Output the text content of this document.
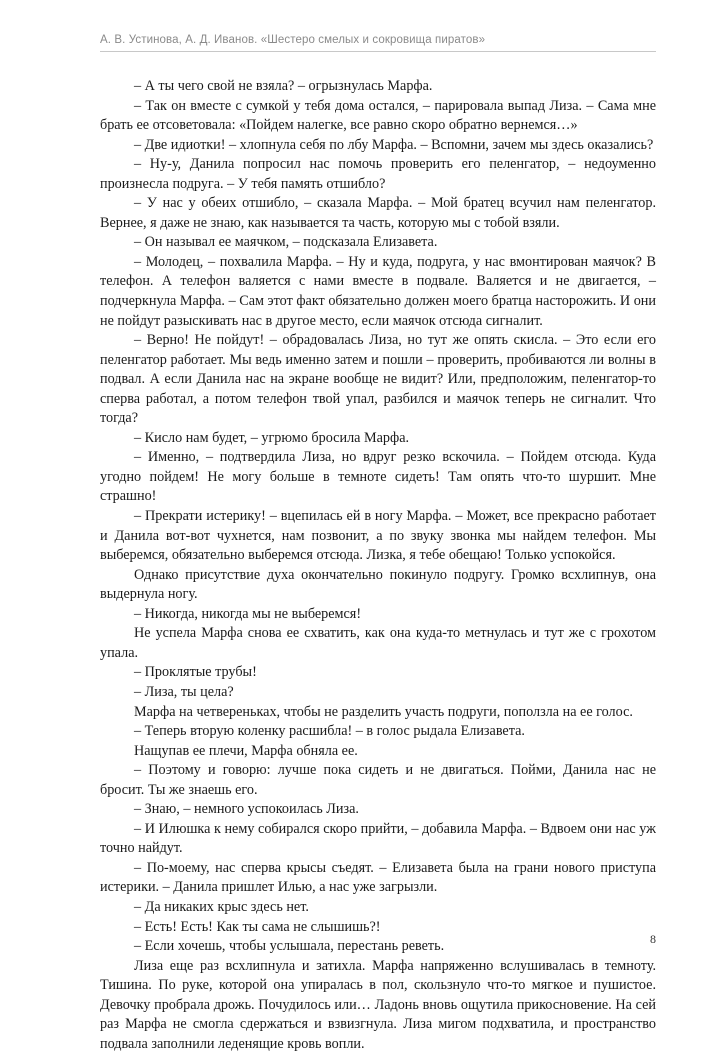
А. В. Устинова, А. Д. Иванов. «Шестеро смелых и сокровища пиратов»

– А ты чего свой не взяла? – огрызнулась Марфа.

– Так он вместе с сумкой у тебя дома остался, – парировала выпад Лиза. – Сама мне брать ее отсоветовала: «Пойдем налегке, все равно скоро обратно вернемся…»

– Две идиотки! – хлопнула себя по лбу Марфа. – Вспомни, зачем мы здесь оказались?

– Ну-у, Данила попросил нас помочь проверить его пеленгатор, – недоуменно произнесла подруга. – У тебя память отшибло?

– У нас у обеих отшибло, – сказала Марфа. – Мой братец всучил нам пеленгатор. Вернее, я даже не знаю, как называется та часть, которую мы с тобой взяли.

– Он называл ее маячком, – подсказала Елизавета.

– Молодец, – похвалила Марфа. – Ну и куда, подруга, у нас вмонтирован маячок? В телефон. А телефон валяется с нами вместе в подвале. Валяется и не двигается, – подчеркнула Марфа. – Сам этот факт обязательно должен моего братца насторожить. И они не пойдут разыскивать нас в другое место, если маячок отсюда сигналит.

– Верно! Не пойдут! – обрадовалась Лиза, но тут же опять скисла. – Это если его пеленгатор работает. Мы ведь именно затем и пошли – проверить, пробиваются ли волны в подвал. А если Данила нас на экране вообще не видит? Или, предположим, пеленгатор-то сперва работал, а потом телефон твой упал, разбился и маячок теперь не сигналит. Что тогда?

– Кисло нам будет, – угрюмо бросила Марфа.

– Именно, – подтвердила Лиза, но вдруг резко вскочила. – Пойдем отсюда. Куда угодно пойдем! Не могу больше в темноте сидеть! Там опять что-то шуршит. Мне страшно!

– Прекрати истерику! – вцепилась ей в ногу Марфа. – Может, все прекрасно работает и Данила вот-вот чухнется, нам позвонит, а по звуку звонка мы найдем телефон. Мы выберемся, обязательно выберемся отсюда. Лизка, я тебе обещаю! Только успокойся.

Однако присутствие духа окончательно покинуло подругу. Громко всхлипнув, она выдернула ногу.

– Никогда, никогда мы не выберемся!

Не успела Марфа снова ее схватить, как она куда-то метнулась и тут же с грохотом упала.

– Проклятые трубы!

– Лиза, ты цела?

Марфа на четвереньках, чтобы не разделить участь подруги, поползла на ее голос.

– Теперь вторую коленку расшибла! – в голос рыдала Елизавета.

Нащупав ее плечи, Марфа обняла ее.

– Поэтому и говорю: лучше пока сидеть и не двигаться. Пойми, Данила нас не бросит. Ты же знаешь его.

– Знаю, – немного успокоилась Лиза.

– И Илюшка к нему собирался скоро прийти, – добавила Марфа. – Вдвоем они нас уж точно найдут.

– По-моему, нас сперва крысы съедят. – Елизавета была на грани нового приступа истерики. – Данила пришлет Илью, а нас уже загрызли.

– Да никаких крыс здесь нет.

– Есть! Есть! Как ты сама не слышишь?!

– Если хочешь, чтобы услышала, перестань реветь.

Лиза еще раз всхлипнула и затихла. Марфа напряженно вслушивалась в темноту. Тишина. По руке, которой она упиралась в пол, скользнуло что-то мягкое и пушистое. Девочку пробрала дрожь. Почудилось или… Ладонь вновь ощутила прикосновение. На сей раз Марфа не смогла сдержаться и взвизгнула. Лиза мигом подхватила, и пространство подвала заполнили леденящие кровь вопли.

8
